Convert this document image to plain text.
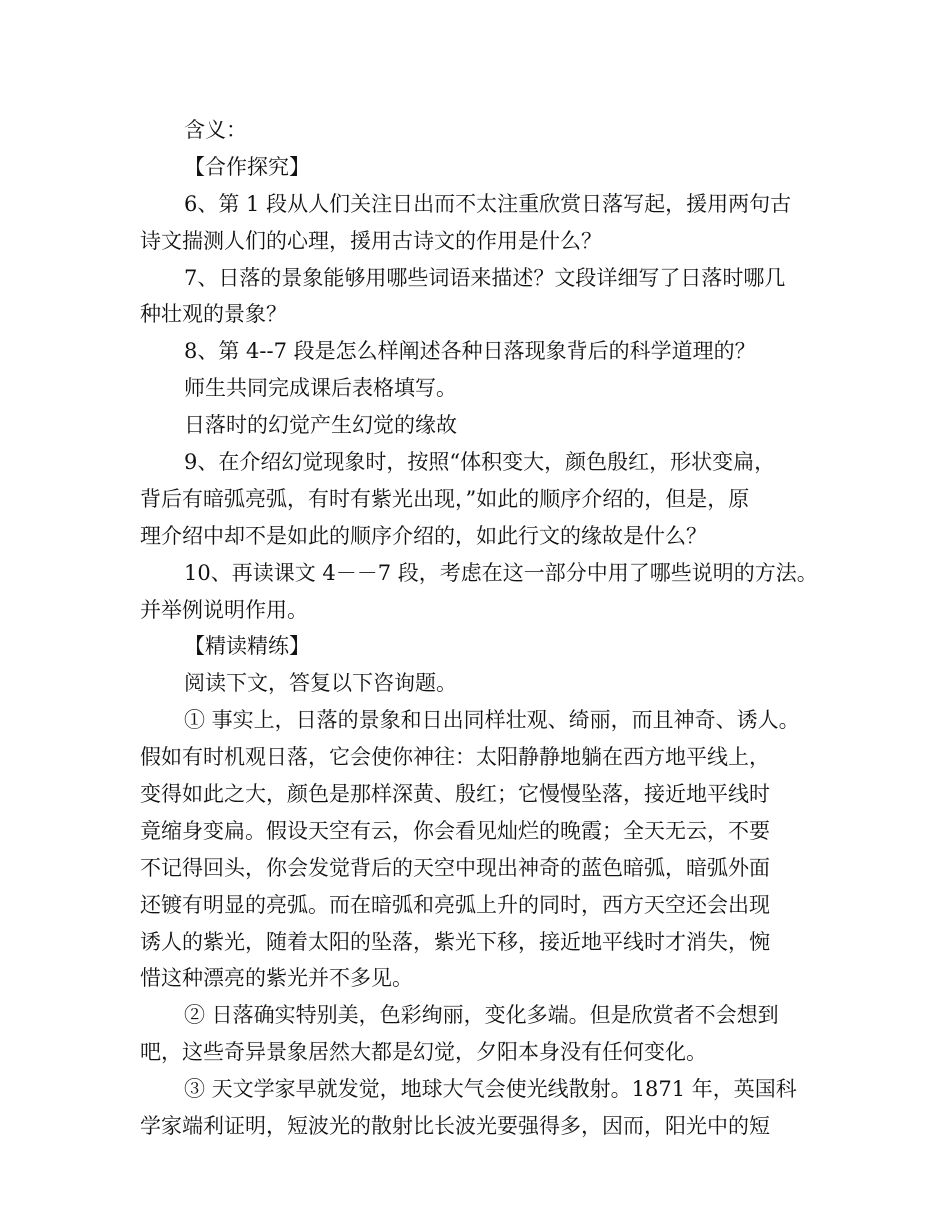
含义：
【合作探究】
6、第 1 段从人们关注日出而不太注重欣赏日落写起，援用两句古
诗文揣测人们的心理，援用古诗文的作用是什么？
7、日落的景象能够用哪些词语来描述？文段详细写了日落时哪几
种壮观的景象？
8、第 4--7 段是怎么样阐述各种日落现象背后的科学道理的？
师生共同完成课后表格填写。
日落时的幻觉产生幻觉的缘故
9、在介绍幻觉现象时，按照“体积变大，颜色殷红，形状变扁，
背后有暗弧亮弧，有时有紫光出现，”如此的顺序介绍的，但是，原
理介绍中却不是如此的顺序介绍的，如此行文的缘故是什么？
10、再读课文 4－－7 段，考虑在这一部分中用了哪些说明的方法。
并举例说明作用。
【精读精练】
阅读下文，答复以下咨询题。
① 事实上，日落的景象和日出同样壮观、绮丽，而且神奇、诱人。
假如有时机观日落，它会使你神往：太阳静静地躺在西方地平线上，
变得如此之大，颜色是那样深黄、殷红；它慢慢坠落，接近地平线时
竟缩身变扁。假设天空有云，你会看见灿烂的晚霞；全天无云，不要
不记得回头，你会发觉背后的天空中现出神奇的蓝色暗弧，暗弧外面
还镀有明显的亮弧。而在暗弧和亮弧上升的同时，西方天空还会出现
诱人的紫光，随着太阳的坠落，紫光下移，接近地平线时才消失，惋
惜这种漂亮的紫光并不多见。
② 日落确实特别美，色彩绚丽，变化多端。但是欣赏者不会想到
吧，这些奇异景象居然大都是幻觉，夕阳本身没有任何变化。
③ 天文学家早就发觉，地球大气会使光线散射。1871 年，英国科
学家端利证明，短波光的散射比长波光要强得多，因而，阳光中的短
